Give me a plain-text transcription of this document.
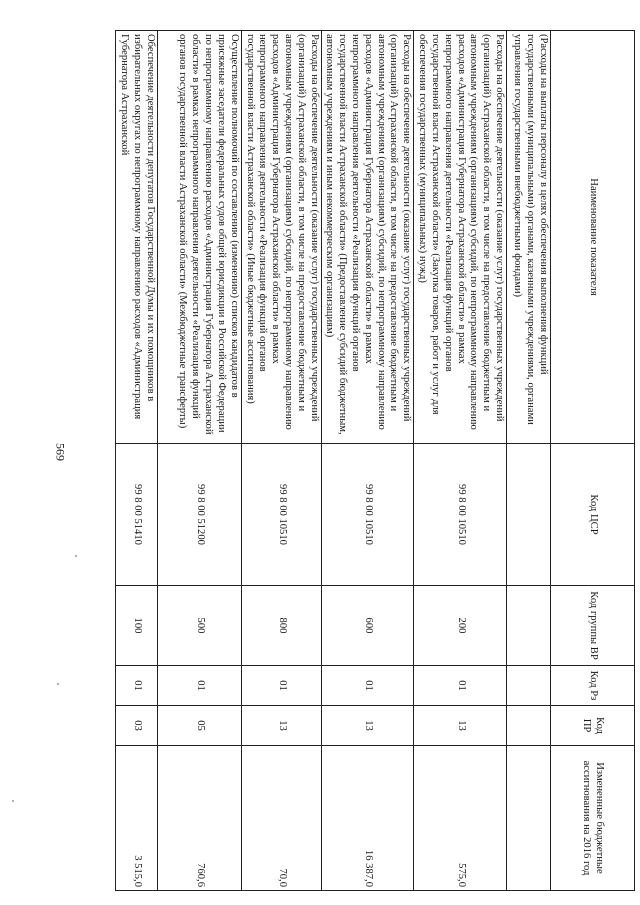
569
Наименование показателя	Код ЦСР	Код группы ВР	Код Рз	Код ПР	Измененные бюджетные ассигнования на 2016 год
(Расходы на выплаты персоналу в целях обеспечения выполнения функций государственными (муниципальными) органами, казенными учреждениями, органами управления государственными внебюджетными фондами)					
Расходы на обеспечение деятельности (оказание услуг) государственных учреждений (организаций) Астраханской области, в том числе на предоставление бюджетным и автономным учреждениям (организациям) субсидий, по непрограммному направлению расходов «Администрация Губернатора Астраханской области» в рамках непрограммного направления деятельности «Реализация функций органов государственной власти Астраханской области» (Закупка товаров, работ и услуг для обеспечения государственных (муниципальных) нужд)	99 8 00 10510	200	01	13	575,0
Расходы на обеспечение деятельности (оказание услуг) государственных учреждений (организаций) Астраханской области, в том числе на предоставление бюджетным и автономным учреждениям (организациям) субсидий, по непрограммному направлению расходов «Администрация Губернатора Астраханской области» в рамках непрограммного направления деятельности «Реализация функций органов государственной власти Астраханской области» (Предоставление субсидий бюджетным, автономным учреждениям и иным некоммерческим организациям)	99 8 00 10510	600	01	13	16 387,0
Расходы на обеспечение деятельности (оказание услуг) государственных учреждений (организаций) Астраханской области, в том числе на предоставление бюджетным и автономным учреждениям (организациям) субсидий, по непрограммному направлению расходов «Администрация Губернатора Астраханской области» в рамках непрограммного направления деятельности «Реализация функций органов государственной власти Астраханской области» (Иные бюджетные ассигнования)	99 8 00 10510	800	01	13	70,0
Осуществление полномочий по составлению (изменению) списков кандидатов в присяжные заседатели федеральных судов общей юрисдикции в Российской Федерации по непрограммному направлению расходов «Администрация Губернатора Астраханской области» в рамках непрограммного направления деятельности «Реализация функций органов государственной власти Астраханской области» (Межбюджетные трансферты)	99 8 00 51200	500	01	05	760,6
Обеспечение деятельности депутатов Государственной Думы и их помощников в избирательных округах по непрограммному направлению расходов «Администрация Губернатора Астраханской	99 8 00 51410	100	01	03	3 515,0
